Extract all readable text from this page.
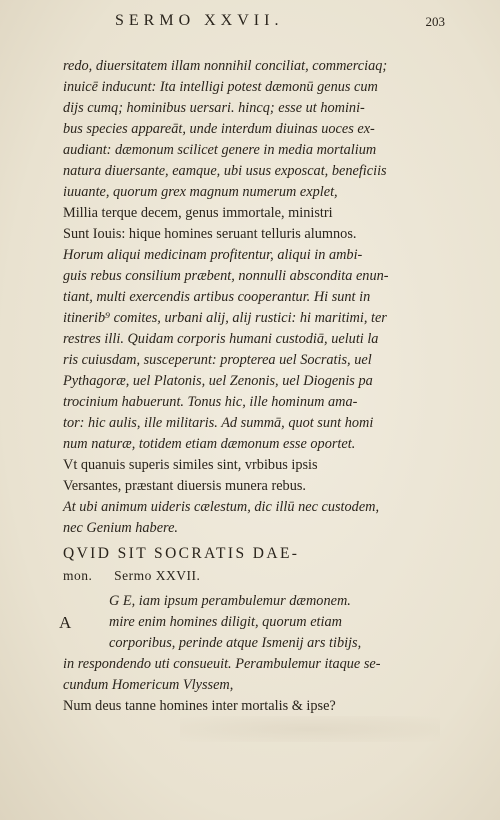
SERMO XXVII.	203
redo, diuersitatem illam nonnihil conciliat, commerciaq;
inuicē inducunt: Ita intelligi potest dæmonū genus cum
dijs cumq; hominibus uersari. hincq; esse ut homini-
bus species appareāt, unde interdum diuinas uoces ex-
audiant: dæmonum scilicet genere in media mortalium
natura diuersante, eamque, ubi usus exposcat, beneficiis
iuuante, quorum grex magnum numerum explet,
Millia terque decem, genus immortale, ministri
Sunt Iouis: hique homines seruant telluris alumnos.
Horum aliqui medicinam profitentur, aliqui in ambi-
guis rebus consilium præbent, nonnulli abscondita enun-
tiant, multi exercendis artibus cooperantur. Hi sunt in
itinerib⁹ comites, urbani alij, alij rustici: hi maritimi, ter
restres illi. Quidam corporis humani custodiā, ueluti la
ris cuiusdam, susceperunt: propterea uel Socratis, uel
Pythagoræ, uel Platonis, uel Zenonis, uel Diogenis pa
trocinium habuerunt. Tonus hic, ille hominum ama-
tor: hic aulis, ille militaris. Ad summā, quot sunt homi
num naturæ, totidem etiam dæmonum esse oportet.
Vt quanuis superis similes sint, vrbibus ipsis
Versantes, præstant diuersis munera rebus.
At ubi animum uideris cælestum, dic illū nec custodem,
nec Genium habere.
QVID SIT SOCRATIS DAE-
mon. Sermo XXVII.
G E, iam ipsum perambulemur dæmonem.
A	mire enim homines diligit, quorum etiam
corporibus, perinde atque Ismenij ars tibijs,
in respondendo uti consueuit. Perambulemur itaque se-
cundum Homericum Vlyssem,
Num deus tanne homines inter mortalis & ipse?
